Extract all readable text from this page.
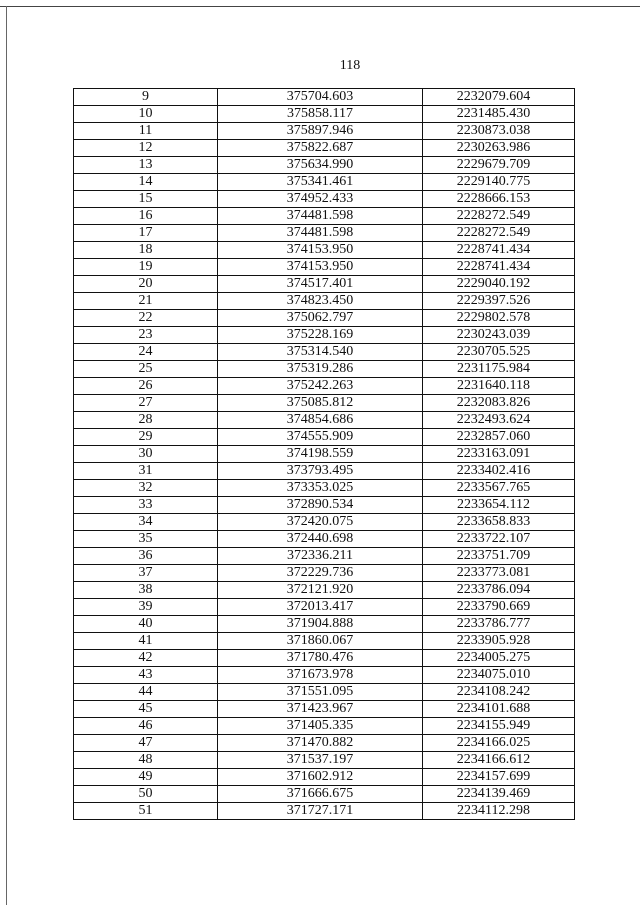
118
9	375704.603	2232079.604
10	375858.117	2231485.430
11	375897.946	2230873.038
12	375822.687	2230263.986
13	375634.990	2229679.709
14	375341.461	2229140.775
15	374952.433	2228666.153
16	374481.598	2228272.549
17	374481.598	2228272.549
18	374153.950	2228741.434
19	374153.950	2228741.434
20	374517.401	2229040.192
21	374823.450	2229397.526
22	375062.797	2229802.578
23	375228.169	2230243.039
24	375314.540	2230705.525
25	375319.286	2231175.984
26	375242.263	2231640.118
27	375085.812	2232083.826
28	374854.686	2232493.624
29	374555.909	2232857.060
30	374198.559	2233163.091
31	373793.495	2233402.416
32	373353.025	2233567.765
33	372890.534	2233654.112
34	372420.075	2233658.833
35	372440.698	2233722.107
36	372336.211	2233751.709
37	372229.736	2233773.081
38	372121.920	2233786.094
39	372013.417	2233790.669
40	371904.888	2233786.777
41	371860.067	2233905.928
42	371780.476	2234005.275
43	371673.978	2234075.010
44	371551.095	2234108.242
45	371423.967	2234101.688
46	371405.335	2234155.949
47	371470.882	2234166.025
48	371537.197	2234166.612
49	371602.912	2234157.699
50	371666.675	2234139.469
51	371727.171	2234112.298
